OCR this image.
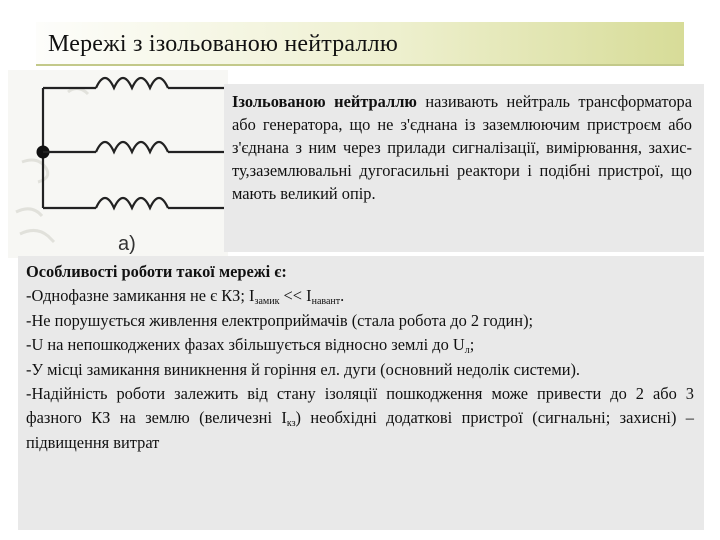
Мережі з ізольованою нейтраллю
а)
Ізольованою нейтраллю називають нейтраль трансформатора або генератора, що не з'єднана із заземлюючим пристроєм або з'єднана з ним через прилади сигналізації, вимірювання, захис-ту,заземлювальні дугогасильні реактори і подібні пристрої, що мають великий опір.

Особливості роботи такої мережі є:

-Однофазне замикання не є КЗ; $I_{замик} << I_{навант}$.

-Не порушується живлення електроприймачів (стала робота до 2 годин);

-U на непошкоджених фазах збільшується відносно землі до $U_л$;

-У місці замикання виникнення й горіння ел. дуги (основний недолік системи).

-Надійність роботи залежить від стану ізоляції пошкодження може привести до 2 або 3 фазного КЗ на землю (величезні $I_{кз}$) необхідні додаткові пристрої (сигнальні; захисні) – підвищення витрат
